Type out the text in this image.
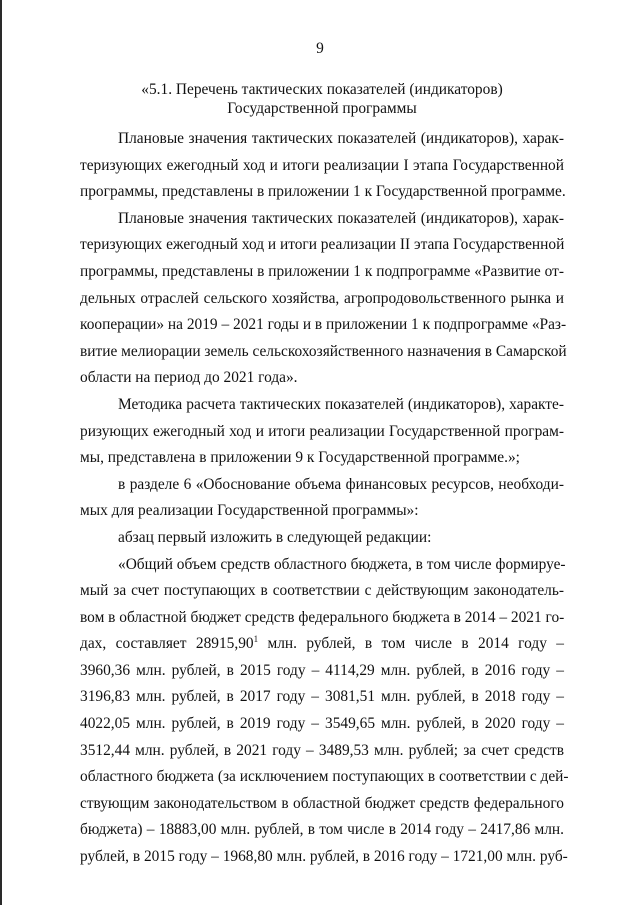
9
«5.1. Перечень тактических показателей (индикаторов)
Государственной программы
Плановые значения тактических показателей (индикаторов), харак-
теризующих ежегодный ход и итоги реализации I этапа Государственной
программы, представлены в приложении 1 к Государственной программе.
Плановые значения тактических показателей (индикаторов), харак-
теризующих ежегодный ход и итоги реализации II этапа Государственной
программы, представлены в приложении 1 к подпрограмме «Развитие от-
дельных отраслей сельского хозяйства, агропродовольственного рынка и
кооперации» на 2019 – 2021 годы и в приложении 1 к подпрограмме «Раз-
витие мелиорации земель сельскохозяйственного назначения в Самарской
области на период до 2021 года».
Методика расчета тактических показателей (индикаторов), характе-
ризующих ежегодный ход и итоги реализации Государственной програм-
мы, представлена в приложении 9 к Государственной программе.»;
в разделе 6 «Обоснование объема финансовых ресурсов, необходи-
мых для реализации Государственной программы»:
абзац первый изложить в следующей редакции:
«Общий объем средств областного бюджета, в том числе формируе-
мый за счет поступающих в соответствии с действующим законодатель-
вом в областной бюджет средств федерального бюджета в 2014 – 2021 го-
дах, составляет 28915,90$^1$ млн. рублей, в том числе в 2014 году –
3960,36 млн. рублей, в 2015 году – 4114,29 млн. рублей, в 2016 году –
3196,83 млн. рублей, в 2017 году – 3081,51 млн. рублей, в 2018 году –
4022,05 млн. рублей, в 2019 году – 3549,65 млн. рублей, в 2020 году –
3512,44 млн. рублей, в 2021 году – 3489,53 млн. рублей; за счет средств
областного бюджета (за исключением поступающих в соответствии с дей-
ствующим законодательством в областной бюджет средств федерального
бюджета) – 18883,00 млн. рублей, в том числе в 2014 году – 2417,86 млн.
рублей, в 2015 году – 1968,80 млн. рублей, в 2016 году – 1721,00 млн. руб-
